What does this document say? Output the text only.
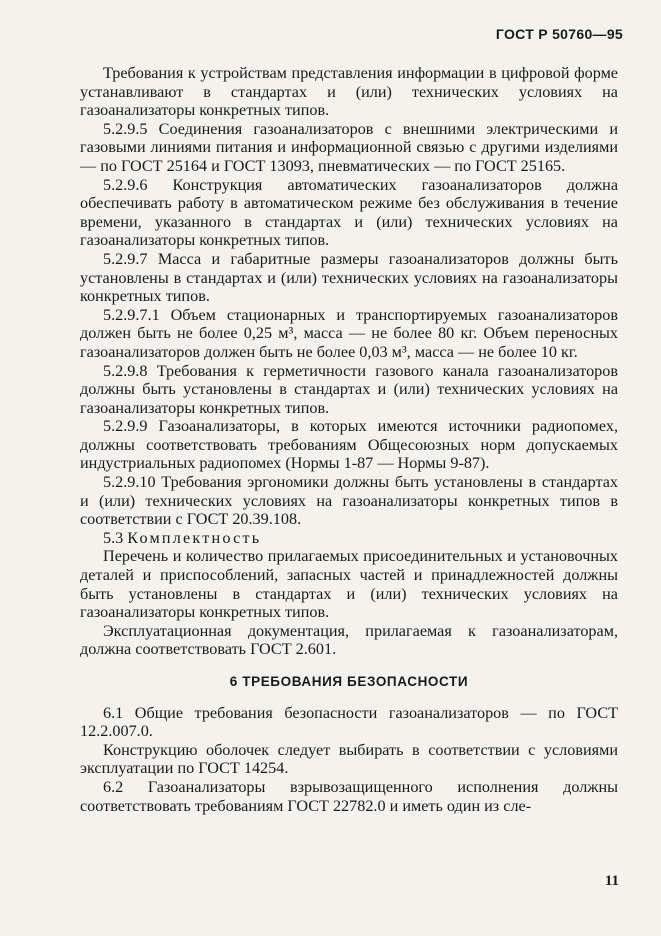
ГОСТ Р 50760—95

Требования к устройствам представления информации в цифровой форме устанавливают в стандартах и (или) технических условиях на газоанализаторы конкретных типов.

5.2.9.5 Соединения газоанализаторов с внешними электрическими и газовыми линиями питания и информационной связью с другими изделиями — по ГОСТ 25164 и ГОСТ 13093, пневматических — по ГОСТ 25165.

5.2.9.6 Конструкция автоматических газоанализаторов должна обеспечивать работу в автоматическом режиме без обслуживания в течение времени, указанного в стандартах и (или) технических условиях на газоанализаторы конкретных типов.

5.2.9.7 Масса и габаритные размеры газоанализаторов должны быть установлены в стандартах и (или) технических условиях на газоанализаторы конкретных типов.

5.2.9.7.1 Объем стационарных и транспортируемых газоанализаторов должен быть не более 0,25 м³, масса — не более 80 кг. Объем переносных газоанализаторов должен быть не более 0,03 м³, масса — не более 10 кг.

5.2.9.8 Требования к герметичности газового канала газоанализаторов должны быть установлены в стандартах и (или) технических условиях на газоанализаторы конкретных типов.

5.2.9.9 Газоанализаторы, в которых имеются источники радиопомех, должны соответствовать требованиям Общесоюзных норм допускаемых индустриальных радиопомех (Нормы 1-87 — Нормы 9-87).

5.2.9.10 Требования эргономики должны быть установлены в стандартах и (или) технических условиях на газоанализаторы конкретных типов в соответствии с ГОСТ 20.39.108.

5.3 Комплектность

Перечень и количество прилагаемых присоединительных и установочных деталей и приспособлений, запасных частей и принадлежностей должны быть установлены в стандартах и (или) технических условиях на газоанализаторы конкретных типов.

Эксплуатационная документация, прилагаемая к газоанализаторам, должна соответствовать ГОСТ 2.601.

6 ТРЕБОВАНИЯ БЕЗОПАСНОСТИ

6.1 Общие требования безопасности газоанализаторов — по ГОСТ 12.2.007.0.

Конструкцию оболочек следует выбирать в соответствии с условиями эксплуатации по ГОСТ 14254.

6.2 Газоанализаторы взрывозащищенного исполнения должны соответствовать требованиям ГОСТ 22782.0 и иметь один из сле-

11
